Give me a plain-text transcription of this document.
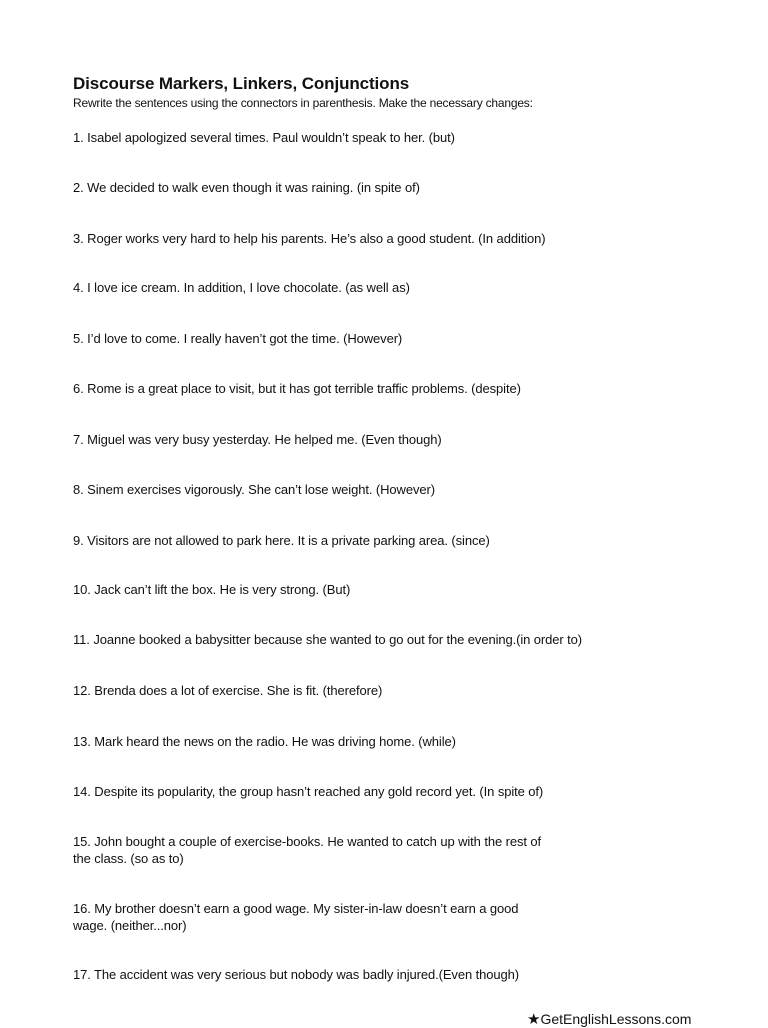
Discourse Markers, Linkers, Conjunctions
Rewrite the sentences using the connectors in parenthesis. Make the necessary changes:
1. Isabel apologized several times. Paul wouldn’t speak to her. (but)
2. We decided to walk even though it was raining. (in spite of)
3. Roger works very hard to help his parents. He’s also a good student. (In addition)
4. I love ice cream. In addition, I love chocolate. (as well as)
5. I’d love to come. I really haven’t got the time. (However)
6. Rome is a great place to visit, but it has got terrible traffic problems. (despite)
7. Miguel was very busy yesterday. He helped me. (Even though)
8. Sinem exercises vigorously. She can’t lose weight. (However)
9. Visitors are not allowed to park here. It is a private parking area. (since)
10. Jack can’t lift the box. He is very strong. (But)
11. Joanne booked a babysitter because she wanted to go out for the evening.(in order to)
12. Brenda does a lot of exercise. She is fit. (therefore)
13. Mark heard the news on the radio. He was driving home. (while)
14. Despite its popularity, the group hasn’t reached any gold record yet. (In spite of)
15. John bought a couple of exercise-books. He wanted to catch up with the rest of
the class. (so as to)
16. My brother doesn’t earn a good wage. My sister-in-law doesn’t earn a good
wage. (neither...nor)
17. The accident was very serious but nobody was badly injured.(Even though)
★GetEnglishLessons.com
